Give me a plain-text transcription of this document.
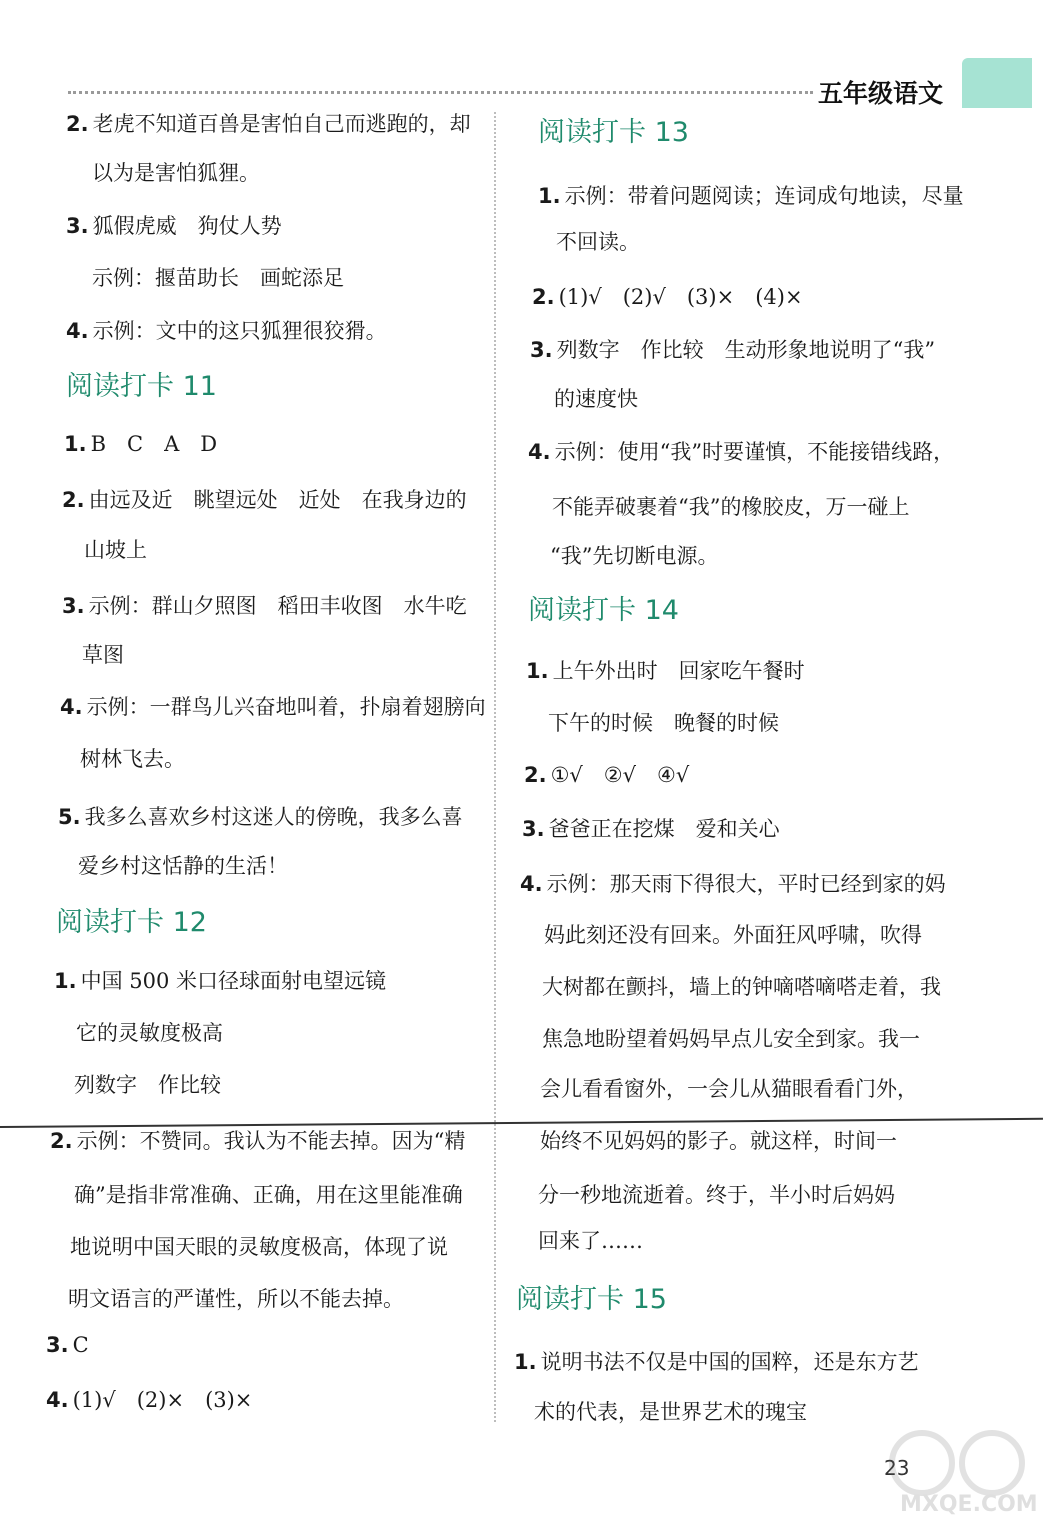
五年级语文
2. 老虎不知道百兽是害怕自己而逃跑的，却
以为是害怕狐狸。
3. 狐假虎威　狗仗人势
示例：揠苗助长　画蛇添足
4. 示例：文中的这只狐狸很狡猾。
阅读打卡 11
1. B　C　A　D
2. 由远及近　眺望远处　近处　在我身边的
山坡上
3. 示例：群山夕照图　稻田丰收图　水牛吃
草图
4. 示例：一群鸟儿兴奋地叫着，扑扇着翅膀向
树林飞去。
5. 我多么喜欢乡村这迷人的傍晚，我多么喜
爱乡村这恬静的生活！
阅读打卡 12
1. 中国 500 米口径球面射电望远镜
它的灵敏度极高
列数字　作比较
2. 示例：不赞同。我认为不能去掉。因为“精
确”是指非常准确、正确，用在这里能准确
地说明中国天眼的灵敏度极高，体现了说
明文语言的严谨性，所以不能去掉。
3. C
4. (1)√　(2)×　(3)×
阅读打卡 13
1. 示例：带着问题阅读；连词成句地读，尽量
不回读。
2. (1)√　(2)√　(3)×　(4)×
3. 列数字　作比较　生动形象地说明了“我”
的速度快
4. 示例：使用“我”时要谨慎，不能接错线路，
不能弄破裹着“我”的橡胶皮，万一碰上
“我”先切断电源。
阅读打卡 14
1. 上午外出时　回家吃午餐时
下午的时候　晚餐的时候
2. ①√　②√　④√
3. 爸爸正在挖煤　爱和关心
4. 示例：那天雨下得很大，平时已经到家的妈
妈此刻还没有回来。外面狂风呼啸，吹得
大树都在颤抖，墙上的钟嘀嗒嘀嗒走着，我
焦急地盼望着妈妈早点儿安全到家。我一
会儿看看窗外，一会儿从猫眼看看门外，
始终不见妈妈的影子。就这样，时间一
分一秒地流逝着。终于，半小时后妈妈
回来了……
阅读打卡 15
1. 说明书法不仅是中国的国粹，还是东方艺
术的代表，是世界艺术的瑰宝
23
MXQE.COM
